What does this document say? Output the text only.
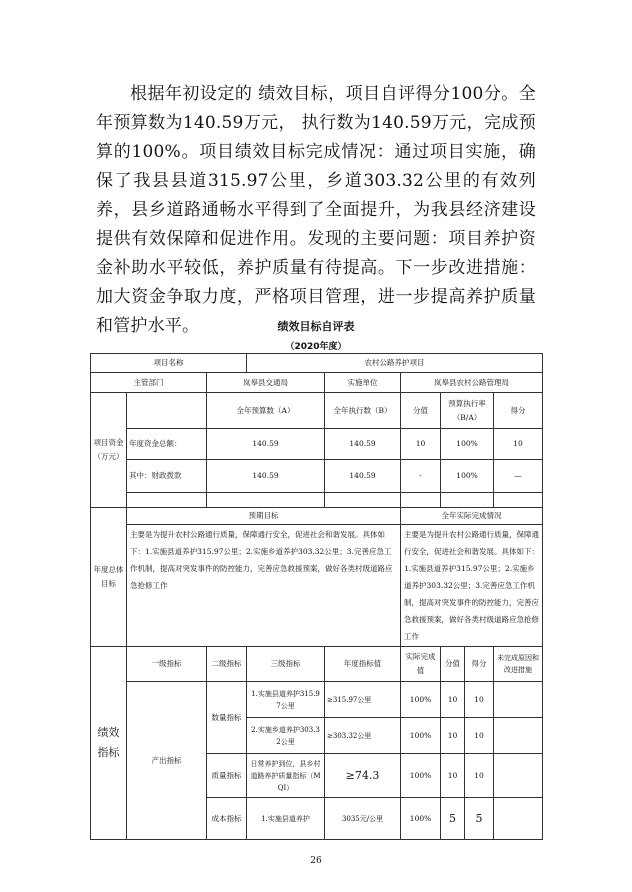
根据年初设定的 绩效目标，项目自评得分100分。全年预算数为140.59万元， 执行数为140.59万元，完成预算的100%。项目绩效目标完成情况：通过项目实施，确保了我县县道315.97公里，乡道303.32公里的有效列养，县乡道路通畅水平得到了全面提升，为我县经济建设提供有效保障和促进作用。发现的主要问题：项目养护资金补助水平较低，养护质量有待提高。下一步改进措施：加大资金争取力度，严格项目管理，进一步提高养护质量和管护水平。	绩效目标自评表
（2020年度）
项目名称			农村公路养护项目					
主管部门		岚皋县交通局		实施单位	岚皋县农村公路管理局			
项目资金（万元）		全年预算数（A）		全年执行数（B）	分值	预算执行率（B/A）		得分
	年度资金总额：	140.59		140.59	10	100%		10
	其中：财政拨款	140.59		140.59	-	100%		—

年度总体目标	预期目标				全年实际完成情况			
	主要是为提升农村公路通行质量，保障通行安全，促进社会和谐发展。具体如下：1.实施县道养护315.97公里；2.实施乡道养护303.32公里；3.完善应急工作机制，提高对突发事件的防控能力，完善应急救援预案，做好各类村级道路应急抢修工作				主要是为提升农村公路通行质量，保障通行安全，促进社会和谐发展。具体如下：1.实施县道养护315.97公里；2.实施乡道养护303.32公里；3.完善应急工作机制，提高对突发事件的防控能力，完善应急救援预案，做好各类村级道路应急抢修工作			
绩效指标	一级指标	二级指标	三级指标	年度指标值	实际完成值	分值	得分	未完成原因和改进措施
	产出指标	数量指标	1.实施县道养护315.97公里	≥315.97公里	100%	10	10	
			2.实施乡道养护303.32公里	≥303.32公里	100%	10	10	
		质量指标	日常养护到位，县乡村道路养护质量指标（MQI）	≥74.3	100%	10	10	
		成本指标	1.实施县道养护	3035元/公里	100%	5	5	
26
